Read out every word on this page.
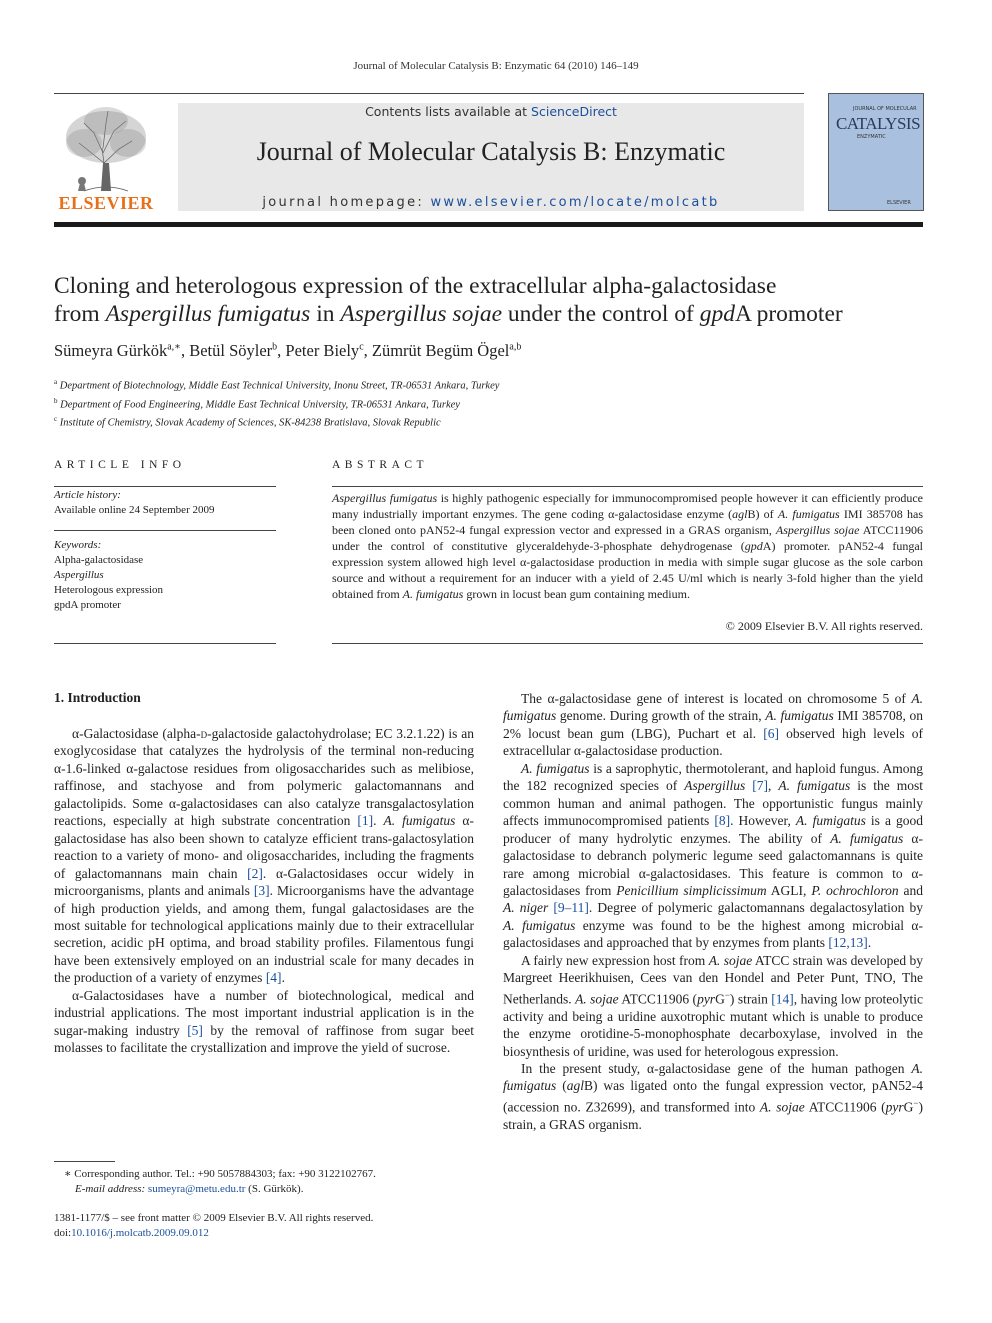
Journal of Molecular Catalysis B: Enzymatic 64 (2010) 146–149
Contents lists available at ScienceDirect
Journal of Molecular Catalysis B: Enzymatic
journal homepage: www.elsevier.com/locate/molcatb
ELSEVIER
JOURNAL OF MOLECULAR
CATALYSIS
ENZYMATIC
ELSEVIER
Cloning and heterologous expression of the extracellular alpha-galactosidase
from Aspergillus fumigatus in Aspergillus sojae under the control of gpdA promoter
Sümeyra Gürkök$^{a,∗}$, Betül Söyler$^b$, Peter Biely$^c$, Zümrüt Begüm Ögel$^{a,b}$
$^a$ Department of Biotechnology, Middle East Technical University, Inonu Street, TR-06531 Ankara, Turkey
$^b$ Department of Food Engineering, Middle East Technical University, TR-06531 Ankara, Turkey
$^c$ Institute of Chemistry, Slovak Academy of Sciences, SK-84238 Bratislava, Slovak Republic
ARTICLE INFO	ABSTRACT
Article history:
Available online 24 September 2009
Keywords:
Alpha-galactosidase
Aspergillus
Heterologous expression
gpdA promoter
Aspergillus fumigatus is highly pathogenic especially for immunocompromised people however it can efficiently produce many industrially important enzymes. The gene coding α-galactosidase enzyme (aglB) of A. fumigatus IMI 385708 has been cloned onto pAN52-4 fungal expression vector and expressed in a GRAS organism, Aspergillus sojae ATCC11906 under the control of constitutive glyceraldehyde-3-phosphate dehydrogenase (gpdA) promoter. pAN52-4 fungal expression system allowed high level α-galactosidase production in media with simple sugar glucose as the sole carbon source and without a requirement for an inducer with a yield of 2.45 U/ml which is nearly 3-fold higher than the yield obtained from A. fumigatus grown in locust bean gum containing medium.
© 2009 Elsevier B.V. All rights reserved.
1. Introduction

α-Galactosidase (alpha-d-galactoside galactohydrolase; EC 3.2.1.22) is an exoglycosidase that catalyzes the hydrolysis of the terminal non-reducing α-1.6-linked α-galactose residues from oligosaccharides such as melibiose, raffinose, and stachyose and from polymeric galactomannans and galactolipids. Some α-galactosidases can also catalyze transgalactosylation reactions, especially at high substrate concentration [1]. A. fumigatus α-galactosidase has also been shown to catalyze efficient trans-galactosylation reaction to a variety of mono- and oligosaccharides, including the fragments of galactomannans main chain [2]. α-Galactosidases occur widely in microorganisms, plants and animals [3]. Microorganisms have the advantage of high production yields, and among them, fungal galactosidases are the most suitable for technological applications mainly due to their extracellular secretion, acidic pH optima, and broad stability profiles. Filamentous fungi have been extensively employed on an industrial scale for many decades in the production of a variety of enzymes [4].

α-Galactosidases have a number of biotechnological, medical and industrial applications. The most important industrial application is in the sugar-making industry [5] by the removal of raffinose from sugar beet molasses to facilitate the crystallization and improve the yield of sucrose.

The α-galactosidase gene of interest is located on chromosome 5 of A. fumigatus genome. During growth of the strain, A. fumigatus IMI 385708, on 2% locust bean gum (LBG), Puchart et al. [6] observed high levels of extracellular α-galactosidase production.

A. fumigatus is a saprophytic, thermotolerant, and haploid fungus. Among the 182 recognized species of Aspergillus [7], A. fumigatus is the most common human and animal pathogen. The opportunistic fungus mainly affects immunocompromised patients [8]. However, A. fumigatus is a good producer of many hydrolytic enzymes. The ability of A. fumigatus α-galactosidase to debranch polymeric legume seed galactomannans is quite rare among microbial α-galactosidases. This feature is common to α-galactosidases from Penicillium simplicissimum AGLI, P. ochrochloron and A. niger [9–11]. Degree of polymeric galactomannans degalactosylation by A. fumigatus enzyme was found to be the highest among microbial α-galactosidases and approached that by enzymes from plants [12,13].

A fairly new expression host from A. sojae ATCC strain was developed by Margreet Heerikhuisen, Cees van den Hondel and Peter Punt, TNO, The Netherlands. A. sojae ATCC11906 (pyrG−) strain [14], having low proteolytic activity and being a uridine auxotrophic mutant which is unable to produce the enzyme orotidine-5-monophosphate decarboxylase, involved in the biosynthesis of uridine, was used for heterologous expression.

In the present study, α-galactosidase gene of the human pathogen A. fumigatus (aglB) was ligated onto the fungal expression vector, pAN52-4 (accession no. Z32699), and transformed into A. sojae ATCC11906 (pyrG−) strain, a GRAS organism.

∗ Corresponding author. Tel.: +90 5057884303; fax: +90 3122102767.
E-mail address: sumeyra@metu.edu.tr (S. Gürkök).
1381-1177/$ – see front matter © 2009 Elsevier B.V. All rights reserved.
doi:10.1016/j.molcatb.2009.09.012
